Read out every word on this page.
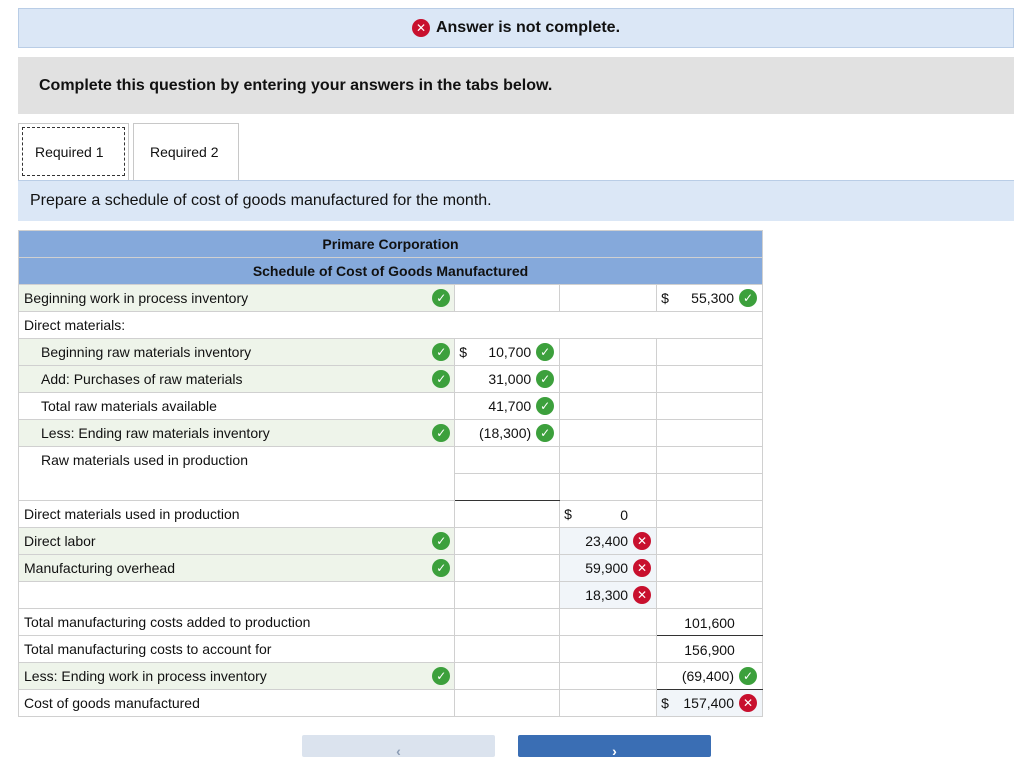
✕ Answer is not complete.
Complete this question by entering your answers in the tabs below.
Required 1	Required 2
Prepare a schedule of cost of goods manufactured for the month.
Primare Corporation			
Schedule of Cost of Goods Manufactured			
Beginning work in process inventory ✓			$ 55,300 ✓
Direct materials:			
Beginning raw materials inventory ✓	$ 10,700 ✓		
Add: Purchases of raw materials ✓	31,000 ✓		
Total raw materials available	41,700 ✓		
Less: Ending raw materials inventory ✓	(18,300) ✓		
Raw materials used in production			

Direct materials used in production		$ 0	
Direct labor ✓		23,400 ✕	
Manufacturing overhead ✓		59,900 ✕	
		18,300 ✕	
Total manufacturing costs added to production			101,600
Total manufacturing costs to account for			156,900
Less: Ending work in process inventory ✓			(69,400) ✓
Cost of goods manufactured			$ 157,400 ✕
‹	›
